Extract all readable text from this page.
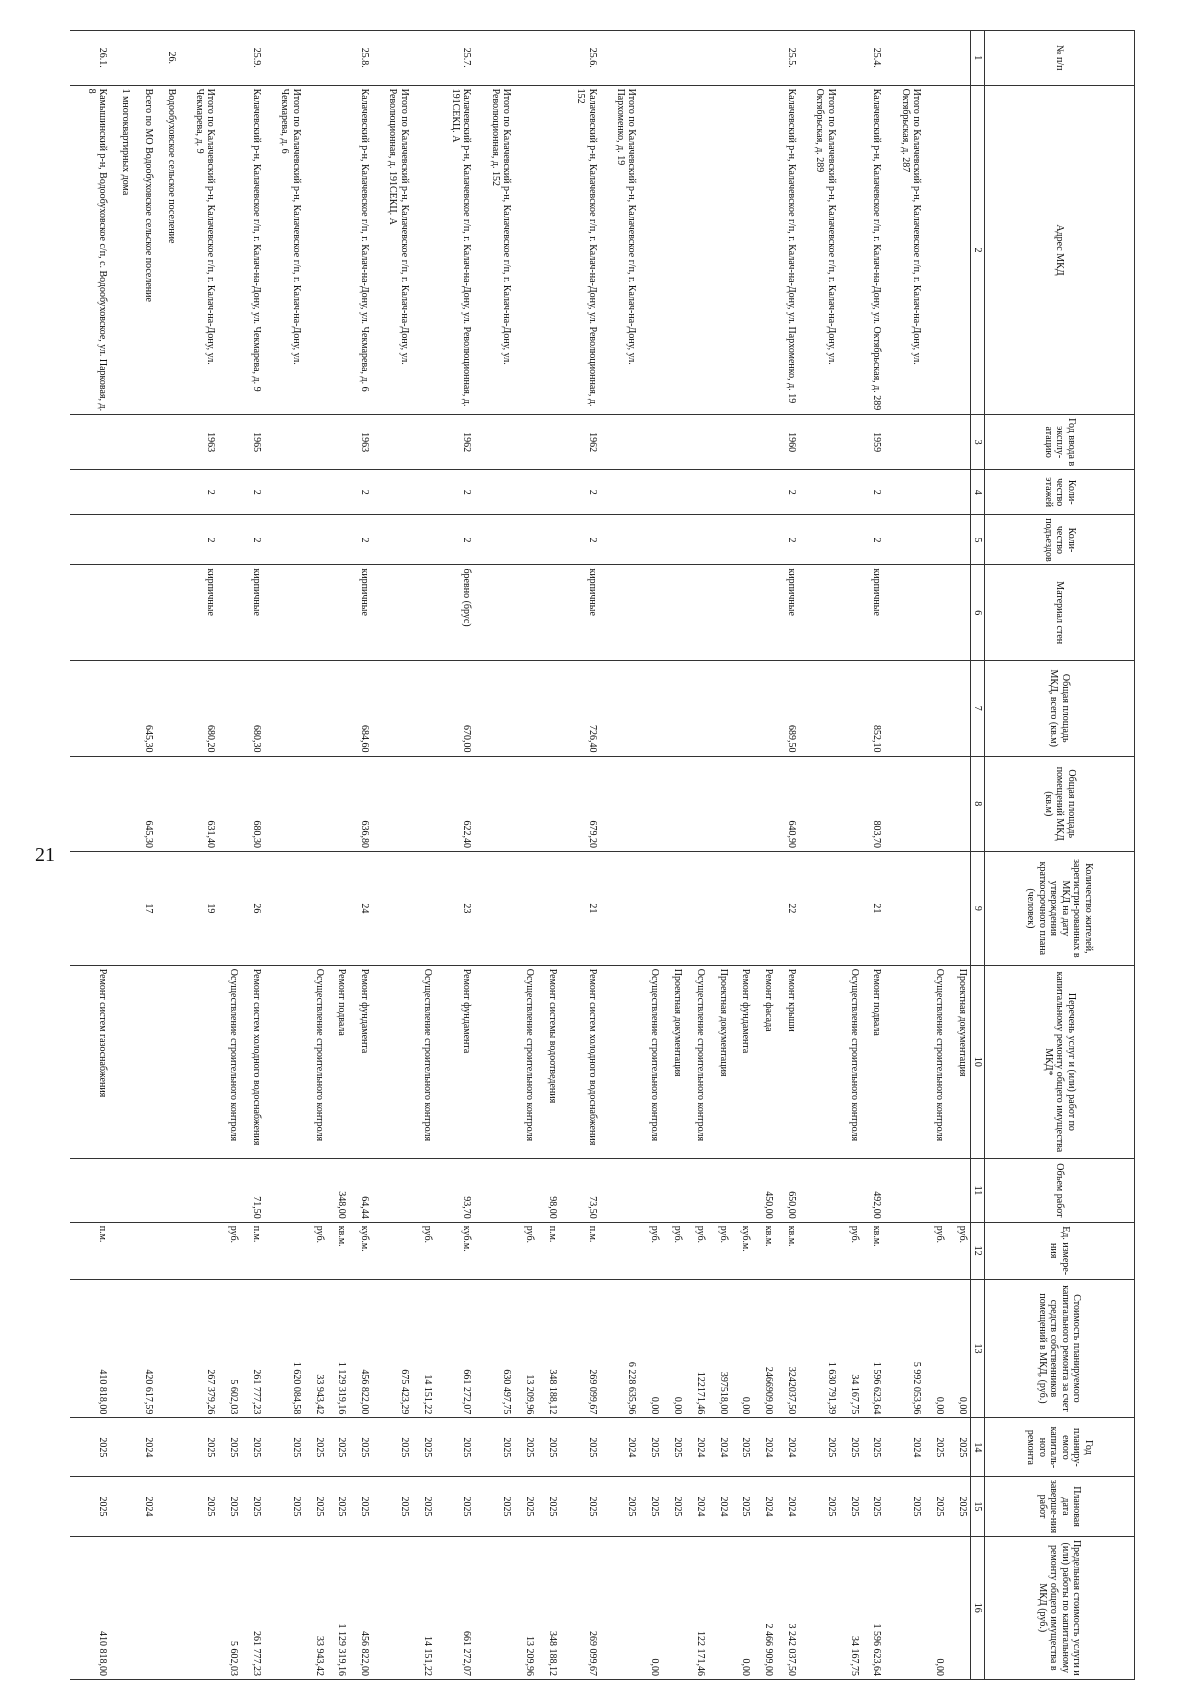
21
№ п/п	Адрес МКД	Год ввода в эксплу-атацию	Коли-чество этажей	Коли-чество подъездов	Материал стен	Общая площадь МКД, всего (кв.м)	Общая площадь помещений МКД (кв.м)	Количество жителей, зарегистри-рованных в МКД на дату утверждения краткосрочного плана (человек)	Перечень услуг и (или) работ по капитальному ремонту общего имущества МКД*	Объем работ	Ед. измере-ния	Стоимость планируемого капитального ремонта за счет средств собственников помещений в МКД, (руб.)	Год планиру-емого капиталь-ного ремонта	Плановая дата заверше-ния работ	Предельная стоимость услуги и (или) работы по капитальному ремонту общего имущества в МКД (руб.)
1	2	3	4	5	6	7	8	9	10	11	12	13	14	15	16
									Проектная документация		руб.	0,00	2025	2025	
									Осуществление строительного контроля		руб.	0,00	2025	2025	0,00
	Итого по Калачевский р-н, Калачевское г/п, г. Калач-на-Дону, ул. Октябрьская, д. 287											5 992 053,96	2024	2025	
25.4.	Калачевский р-н, Калачевское г/п, г. Калач-на-Дону, ул. Октябрьская, д. 289	1959	2	2	кирпичные	852,10	803,70	21	Ремонт подвала	492,00	кв.м.	1 596 623,64	2025	2025	1 596 623,64
									Осуществление строительного контроля		руб.	34 167,75	2025	2025	34 167,75
	Итого по Калачевский р-н, Калачевское г/п, г. Калач-на-Дону, ул. Октябрьская, д. 289											1 630 791,39	2025	2025	
25.5.	Калачевский р-н, Калачевское г/п, г. Калач-на-Дону, ул. Пархоменко, д. 19	1960	2	2	кирпичные	689,50	640,90	22	Ремонт крыши	650,00	кв.м.	3242037,50	2024	2024	3 242 037,50
									Ремонт фасада	450,00	кв.м.	2466909,00	2024	2024	2 466 909,00
									Ремонт фундамента		куб.м.	0,00	2025	2025	0,00
									Проектная документация		руб.	397518,00	2024	2024	
									Осуществление строительного контроля		руб.	122171,46	2024	2024	122 171,46
									Проектная документация		руб.	0,00	2025	2025	
									Осуществление строительного контроля		руб.	0,00	2025	2025	0,00
	Итого по Калачевский р-н, Калачевское г/п, г. Калач-на-Дону, ул. Пархоменко, д. 19											6 228 635,96	2024	2025	
25.6.	Калачевский р-н, Калачевское г/п, г. Калач-на-Дону, ул. Революционная, д. 152	1962	2	2	кирпичные	726,40	679,20	21	Ремонт систем холодного водоснабжения	73,50	п.м.	269 099,67	2025	2025	269 099,67
									Ремонт системы водоотведения	98,00	п.м.	348 188,12	2025	2025	348 188,12
									Осуществление строительного контроля		руб.	13 209,96	2025	2025	13 209,96
	Итого по Калачевский р-н, Калачевское г/п, г. Калач-на-Дону, ул. Революционная, д. 152											630 497,75	2025	2025	
25.7.	Калачевский р-н, Калачевское г/п, г. Калач-на-Дону, ул. Революционная, д. 191СЕКЦ. А	1962	2	2	бревно (брус)	670,00	622,40	23	Ремонт фундамента	93,70	куб.м.	661 272,07	2025	2025	661 272,07
									Осуществление строительного контроля		руб.	14 151,22	2025	2025	14 151,22
	Итого по Калачевский р-н, Калачевское г/п, г. Калач-на-Дону, ул. Революционная, д. 191СЕКЦ. А											675 423,29	2025	2025	
25.8.	Калачевский р-н, Калачевское г/п, г. Калач-на-Дону, ул. Чекмарева, д. 6	1963	2	2	кирпичные	684,60	636,80	24	Ремонт фундамента	64,44	куб.м.	456 822,00	2025	2025	456 822,00
									Ремонт подвала	348,00	кв.м.	1 129 319,16	2025	2025	1 129 319,16
									Осуществление строительного контроля		руб.	33 943,42	2025	2025	33 943,42
	Итого по Калачевский р-н, Калачевское г/п, г. Калач-на-Дону, ул. Чекмарева, д. 6											1 620 084,58	2025	2025	
25.9.	Калачевский р-н, Калачевское г/п, г. Калач-на-Дону, ул. Чекмарева, д. 9	1965	2	2	кирпичные	680,30	680,30	26	Ремонт систем холодного водоснабжения	71,50	п.м.	261 777,23	2025	2025	261 777,23
									Осуществление строительного контроля		руб.	5 602,03	2025	2025	5 602,03
	Итого по Калачевский р-н, Калачевское г/п, г. Калач-на-Дону, ул. Чекмарева, д. 9	1963	2	2	кирпичные	680,20	631,40	19				267 379,26	2025	2025	
26.	Водообуховское сельское поселение														
	Всего по МО Водообуховское сельское поселение					645,30	645,30	17				420 617,59	2024	2024	
	1 многоквартирных дома														
26.1.	Камышинский р-н, Водообуховское с/п, с. Водообуховское, ул. Парковая, д. 8								Ремонт систем газоснабжения		п.м.	410 818,00	2025	2025	410 818,00
